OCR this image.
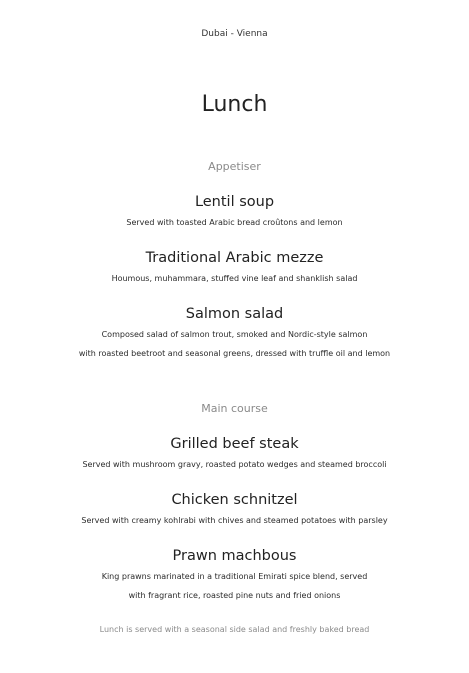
Dubai - Vienna
Lunch
Appetiser
Lentil soup
Served with toasted Arabic bread croûtons and lemon
Traditional Arabic mezze
Houmous, muhammara, stuffed vine leaf and shanklish salad
Salmon salad
Composed salad of salmon trout, smoked and Nordic-style salmon
with roasted beetroot and seasonal greens, dressed with truffle oil and lemon
Main course
Grilled beef steak
Served with mushroom gravy, roasted potato wedges and steamed broccoli
Chicken schnitzel
Served with creamy kohlrabi with chives and steamed potatoes with parsley
Prawn machbous
King prawns marinated in a traditional Emirati spice blend, served
with fragrant rice, roasted pine nuts and fried onions
Lunch is served with a seasonal side salad and freshly baked bread
